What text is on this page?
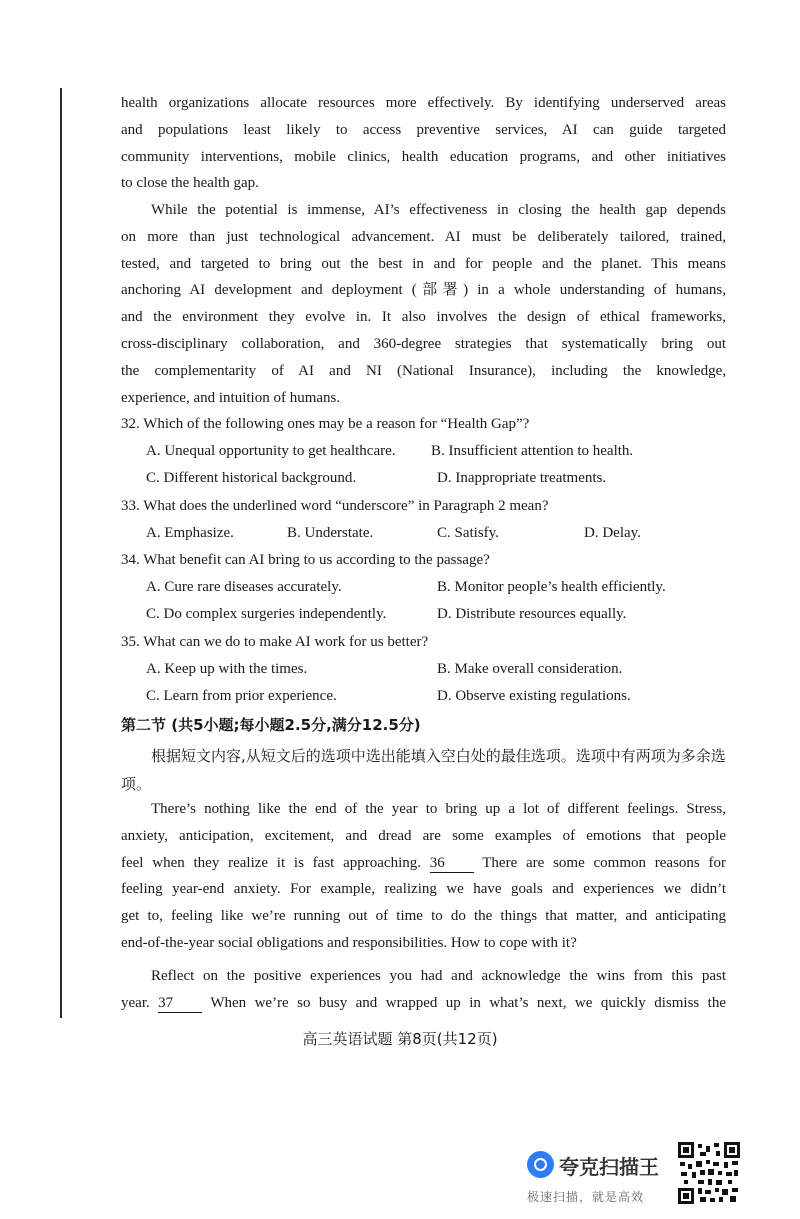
health organizations allocate resources more effectively. By identifying underserved areas
and populations least likely to access preventive services, AI can guide targeted
community interventions, mobile clinics, health education programs, and other initiatives
to close the health gap.
While the potential is immense, AI’s effectiveness in closing the health gap depends
on more than just technological advancement. AI must be deliberately tailored, trained,
tested, and targeted to bring out the best in and for people and the planet. This means
anchoring AI development and deployment (部署) in a whole understanding of humans,
and the environment they evolve in. It also involves the design of ethical frameworks,
cross-disciplinary collaboration, and 360-degree strategies that systematically bring out
the complementarity of AI and NI (National Insurance), including the knowledge,
experience, and intuition of humans.
32. Which of the following ones may be a reason for “Health Gap”?
A. Unequal opportunity to get healthcare. B. Insufficient attention to health.
C. Different historical background.	D. Inappropriate treatments.
33. What does the underlined word “underscore” in Paragraph 2 mean?
A. Emphasize.	B. Understate.	C. Satisfy.	D. Delay.
34. What benefit can AI bring to us according to the passage?
A. Cure rare diseases accurately.	B. Monitor people’s health efficiently.
C. Do complex surgeries independently.	D. Distribute resources equally.
35. What can we do to make AI work for us better?
A. Keep up with the times.	B. Make overall consideration.
C. Learn from prior experience.	D. Observe existing regulations.
第二节 (共5小题;每小题2.5分,满分12.5分)
根据短文内容,从短文后的选项中选出能填入空白处的最佳选项。选项中有两项为多余选项。
There’s nothing like the end of the year to bring up a lot of different feelings. Stress,
anxiety, anticipation, excitement, and dread are some examples of emotions that people
feel when they realize it is fast approaching. 36	There are some common reasons for
feeling year-end anxiety. For example, realizing we have goals and experiences we didn’t
get to, feeling like we’re running out of time to do the things that matter, and anticipating
end-of-the-year social obligations and responsibilities. How to cope with it?
Reflect on the positive experiences you had and acknowledge the wins from this past
year. 37 When we’re so busy and wrapped up in what’s next, we quickly dismiss the
高三英语试题 第8页(共12页)
夸克扫描王
极速扫描，就是高效
